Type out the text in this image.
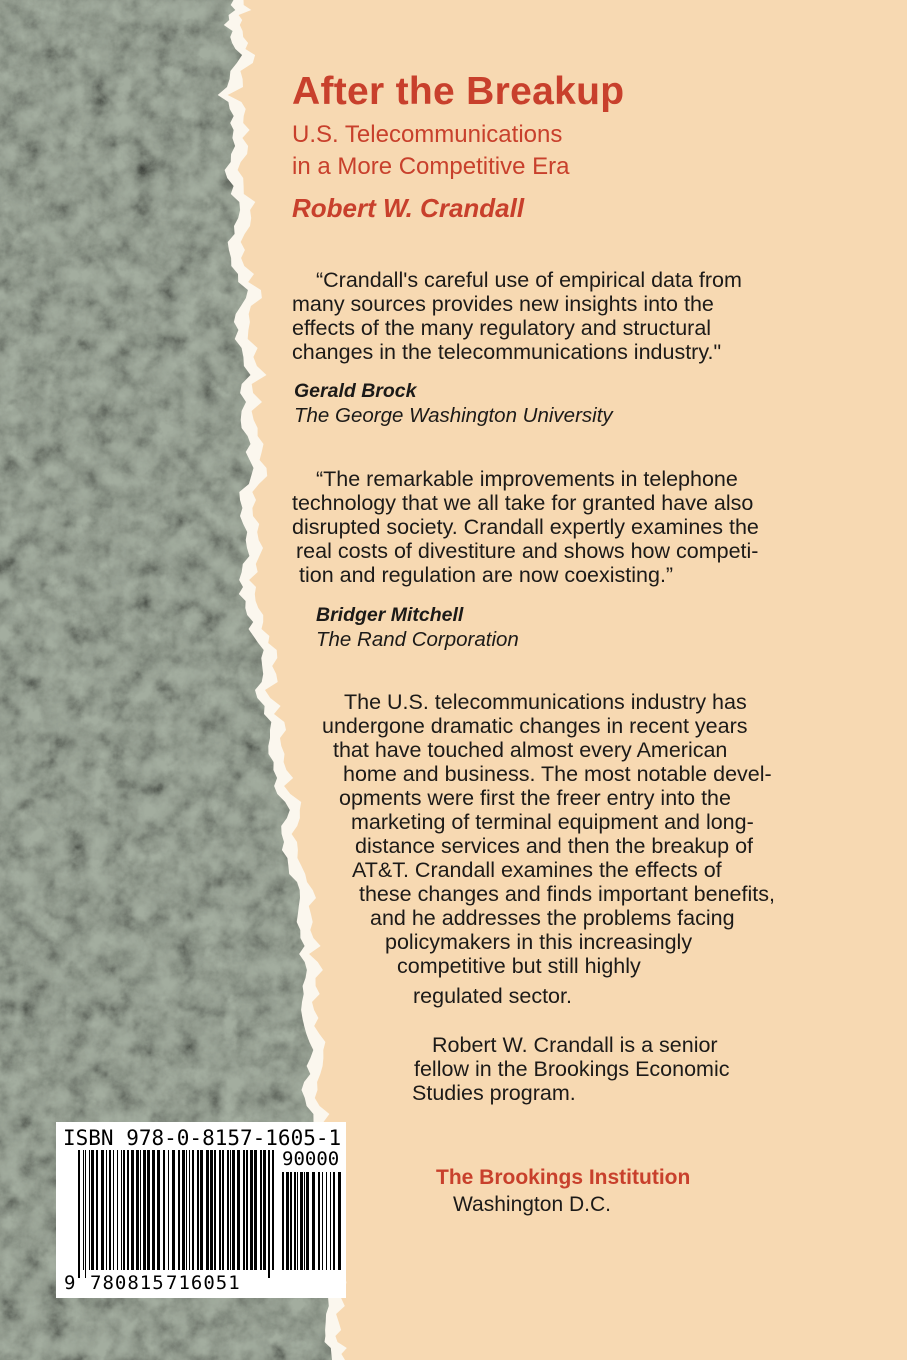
After the Breakup

U.S. Telecommunications

in a More Competitive Era

Robert W. Crandall

“Crandall's careful use of empirical data from

many sources provides new insights into the

effects of the many regulatory and structural

changes in the telecommunications industry."

Gerald Brock

The George Washington University

“The remarkable improvements in telephone

technology that we all take for granted have also

disrupted society. Crandall expertly examines the

real costs of divestiture and shows how competi-

tion and regulation are now coexisting.”

Bridger Mitchell

The Rand Corporation

The U.S. telecommunications industry has

undergone dramatic changes in recent years

that have touched almost every American

home and business. The most notable devel-

opments were first the freer entry into the

marketing of terminal equipment and long-

distance services and then the breakup of

AT&T. Crandall examines the effects of

these changes and finds important benefits,

and he addresses the problems facing

policymakers in this increasingly

competitive but still highly

regulated sector.

Robert W. Crandall is a senior

fellow in the Brookings Economic

Studies program.

The Brookings Institution

Washington D.C.

ISBN 978-0-8157-1605-1

90000

9 780815 716051
